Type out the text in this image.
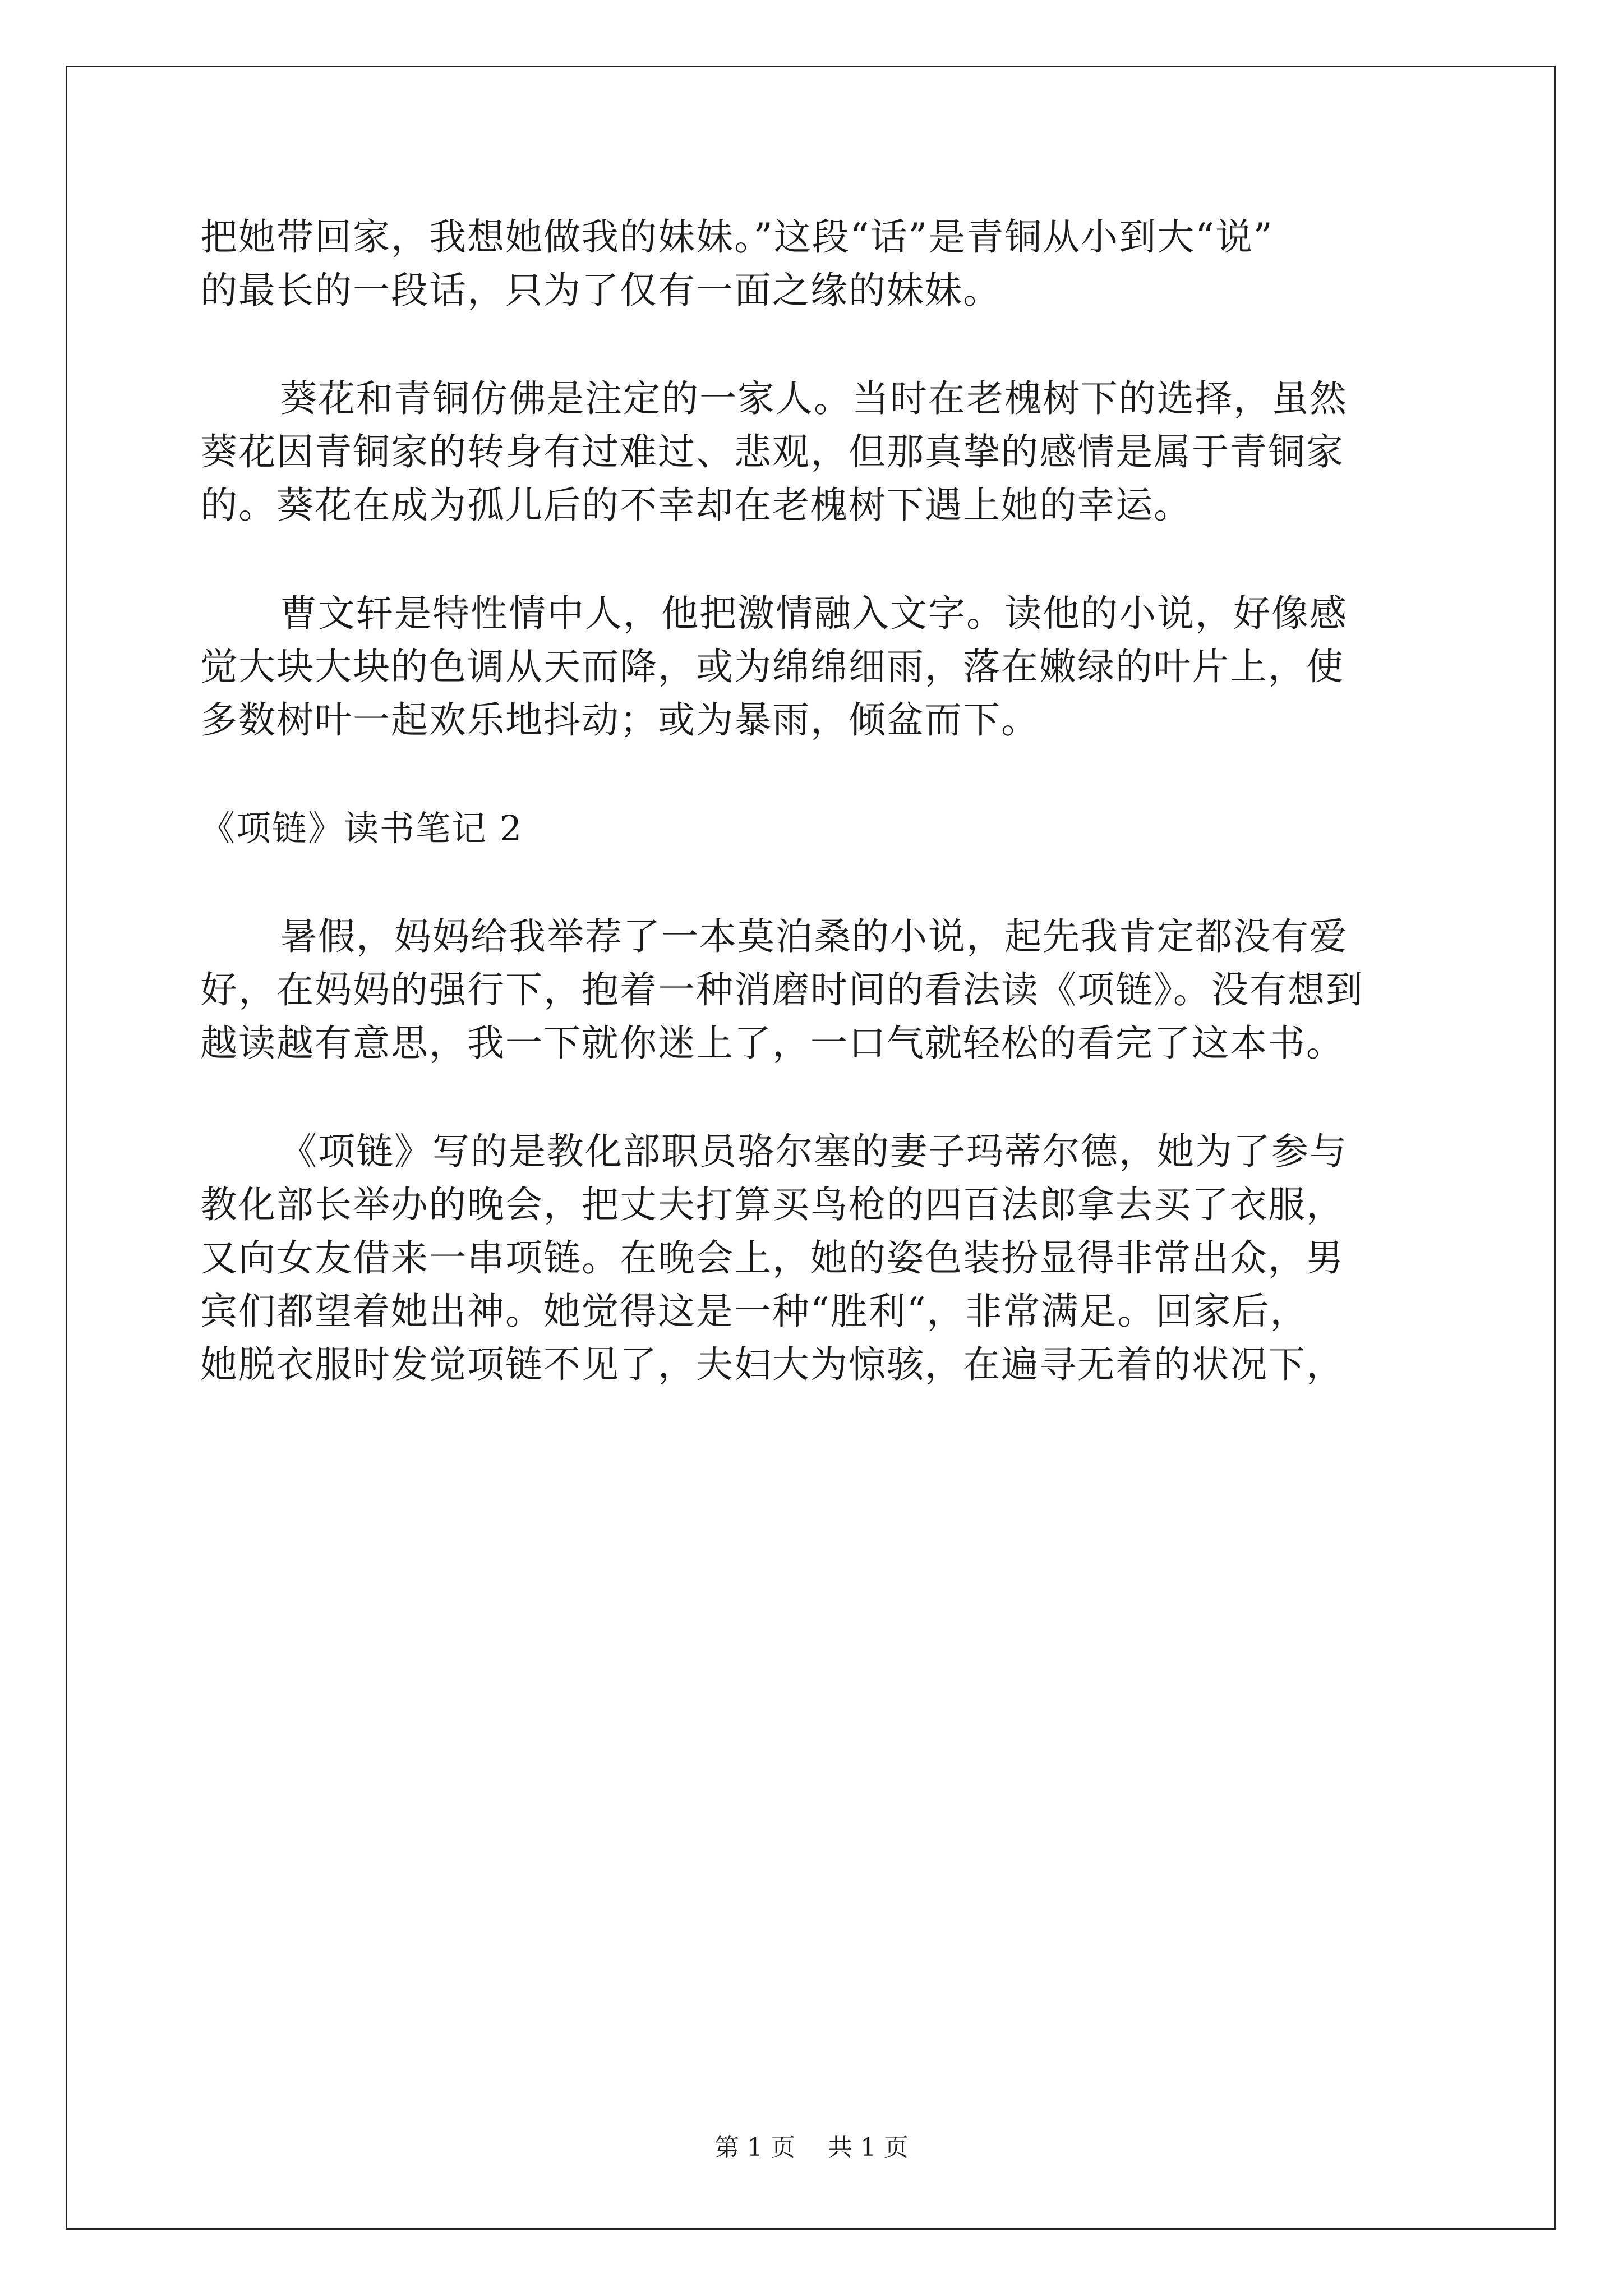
把她带回家，我想她做我的妹妹。”这段“话”是青铜从小到大“说”

的最长的一段话，只为了仅有一面之缘的妹妹。

葵花和青铜仿佛是注定的一家人。当时在老槐树下的选择，虽然

葵花因青铜家的转身有过难过、悲观，但那真挚的感情是属于青铜家

的。葵花在成为孤儿后的不幸却在老槐树下遇上她的幸运。

曹文轩是特性情中人，他把激情融入文字。读他的小说，好像感

觉大块大块的色调从天而降，或为绵绵细雨，落在嫩绿的叶片上，使

多数树叶一起欢乐地抖动；或为暴雨，倾盆而下。

《项链》读书笔记 2

暑假，妈妈给我举荐了一本莫泊桑的小说，起先我肯定都没有爱

好，在妈妈的强行下，抱着一种消磨时间的看法读《项链》。没有想到

越读越有意思，我一下就你迷上了，一口气就轻松的看完了这本书。

《项链》写的是教化部职员骆尔塞的妻子玛蒂尔德，她为了参与

教化部长举办的晚会，把丈夫打算买鸟枪的四百法郎拿去买了衣服，

又向女友借来一串项链。在晚会上，她的姿色装扮显得非常出众，男

宾们都望着她出神。她觉得这是一种“胜利“，非常满足。回家后，

她脱衣服时发觉项链不见了，夫妇大为惊骇，在遍寻无着的状况下，

第 1 页　 共 1 页
